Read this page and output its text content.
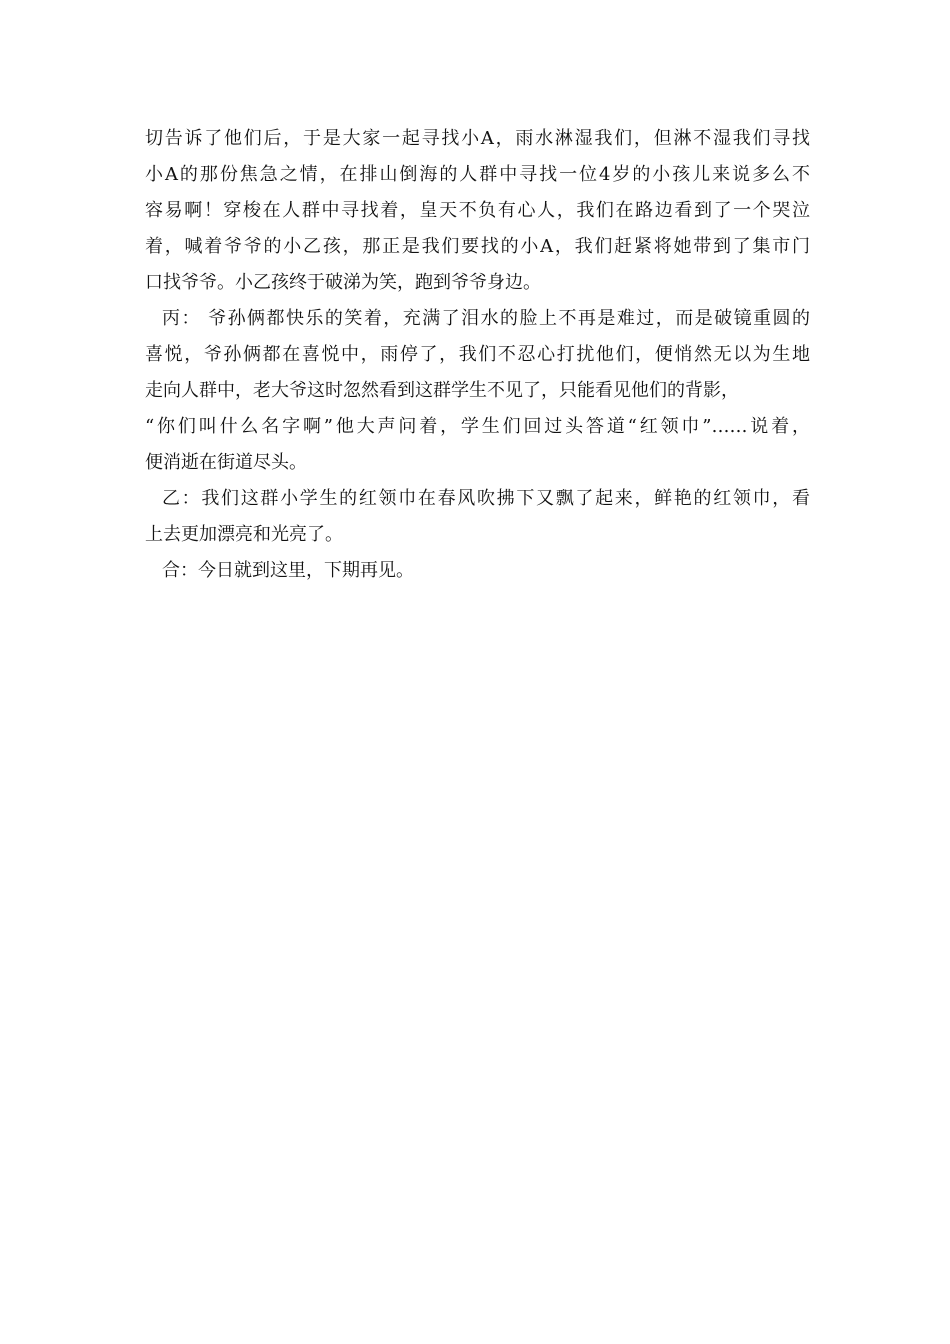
切告诉了他们后，于是大家一起寻找小A，雨水淋湿我们，但淋不湿我们寻找
小A的那份焦急之情，在排山倒海的人群中寻找一位4岁的小孩儿来说多么不
容易啊！穿梭在人群中寻找着，皇天不负有心人，我们在路边看到了一个哭泣
着，喊着爷爷的小乙孩，那正是我们要找的小A，我们赶紧将她带到了集市门
口找爷爷。小乙孩终于破涕为笑，跑到爷爷身边。
丙： 爷孙俩都快乐的笑着，充满了泪水的脸上不再是难过，而是破镜重圆的
喜悦，爷孙俩都在喜悦中，雨停了，我们不忍心打扰他们，便悄然无以为生地
走向人群中，老大爷这时忽然看到这群学生不见了，只能看见他们的背影，
“你们叫什么名字啊”他大声问着，学生们回过头答道“红领巾”……说着，
便消逝在街道尽头。
乙：我们这群小学生的红领巾在春风吹拂下又飘了起来，鲜艳的红领巾，看
上去更加漂亮和光亮了。
合：今日就到这里，下期再见。
